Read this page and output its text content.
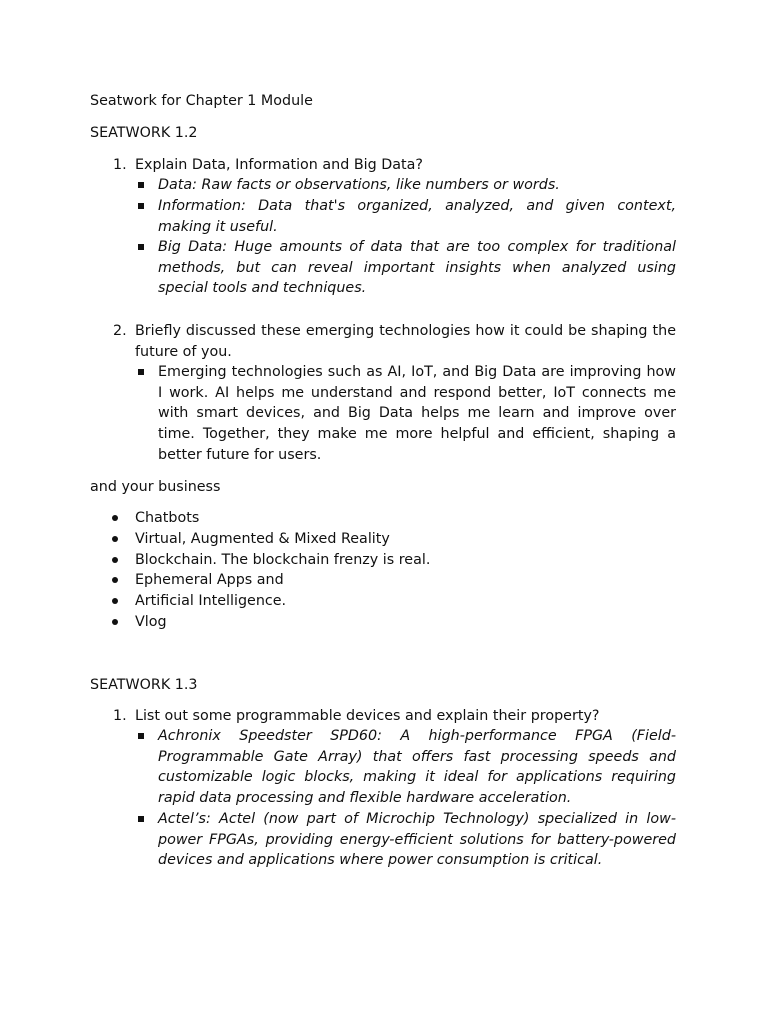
Seatwork for Chapter 1 Module
SEATWORK 1.2
1. Explain Data, Information and Big Data?
Data: Raw facts or observations, like numbers or words.
Information: Data that's organized, analyzed, and given context, making it useful.
Big Data: Huge amounts of data that are too complex for traditional methods, but can reveal important insights when analyzed using special tools and techniques.
2. Briefly discussed these emerging technologies how it could be shaping the future of you.
Emerging technologies such as AI, IoT, and Big Data are improving how I work. AI helps me understand and respond better, IoT connects me with smart devices, and Big Data helps me learn and improve over time. Together, they make me more helpful and efficient, shaping a better future for users.
and your business
Chatbots
Virtual, Augmented & Mixed Reality
Blockchain. The blockchain frenzy is real.
Ephemeral Apps and
Artificial Intelligence.
Vlog
SEATWORK 1.3
1. List out some programmable devices and explain their property?
Achronix Speedster SPD60: A high-performance FPGA (Field-Programmable Gate Array) that offers fast processing speeds and customizable logic blocks, making it ideal for applications requiring rapid data processing and flexible hardware acceleration.
Actel’s: Actel (now part of Microchip Technology) specialized in low-power FPGAs, providing energy-efficient solutions for battery-powered devices and applications where power consumption is critical.
